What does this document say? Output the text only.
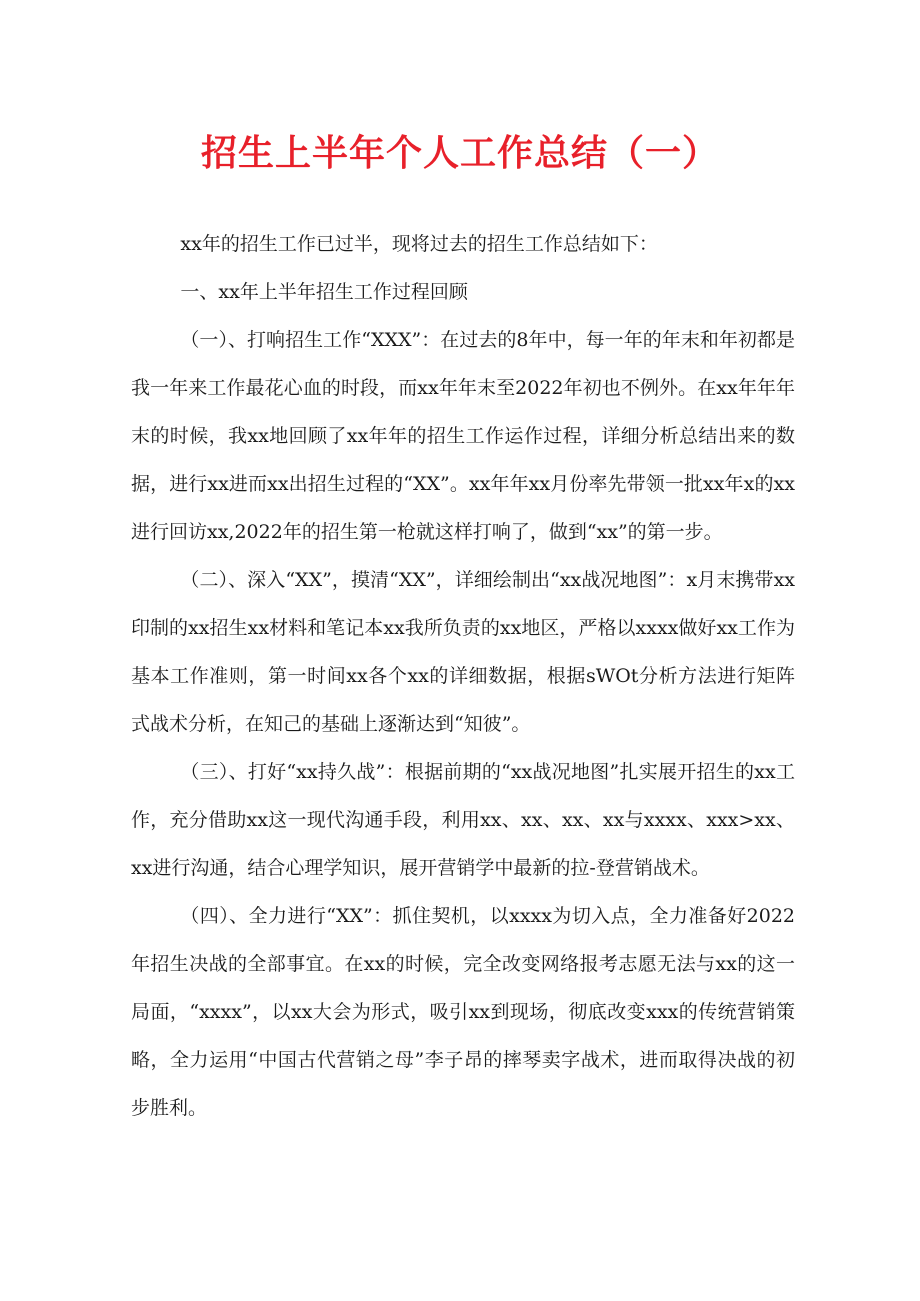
招生上半年个人工作总结（一）

xx年的招生工作已过半，现将过去的招生工作总结如下：

一、xx年上半年招生工作过程回顾

（一）、打响招生工作“XXX”：在过去的8年中，每一年的年末和年初都是我一年来工作最花心血的时段，而xx年年末至2022年初也不例外。在xx年年年末的时候，我xx地回顾了xx年年的招生工作运作过程，详细分析总结出来的数据，进行xx进而xx出招生过程的“XX”。xx年年xx月份率先带领一批xx年x的xx进行回访xx,2022年的招生第一枪就这样打响了，做到“xx”的第一步。

（二）、深入“XX”，摸清“XX”，详细绘制出“xx战况地图”：x月末携带xx印制的xx招生xx材料和笔记本xx我所负责的xx地区，严格以xxxx做好xx工作为基本工作准则，第一时间xx各个xx的详细数据，根据sWOt分析方法进行矩阵式战术分析，在知己的基础上逐渐达到“知彼”。

（三）、打好“xx持久战”：根据前期的“xx战况地图”扎实展开招生的xx工作，充分借助xx这一现代沟通手段，利用xx、xx、xx、xx与xxxx、xxx>xx、xx进行沟通，结合心理学知识，展开营销学中最新的拉-登营销战术。

（四）、全力进行“XX”：抓住契机，以xxxx为切入点，全力准备好2022年招生决战的全部事宜。在xx的时候，完全改变网络报考志愿无法与xx的这一局面，“xxxx”，以xx大会为形式，吸引xx到现场，彻底改变xxx的传统营销策略，全力运用“中国古代营销之母”李子昂的摔琴卖字战术，进而取得决战的初步胜利。
